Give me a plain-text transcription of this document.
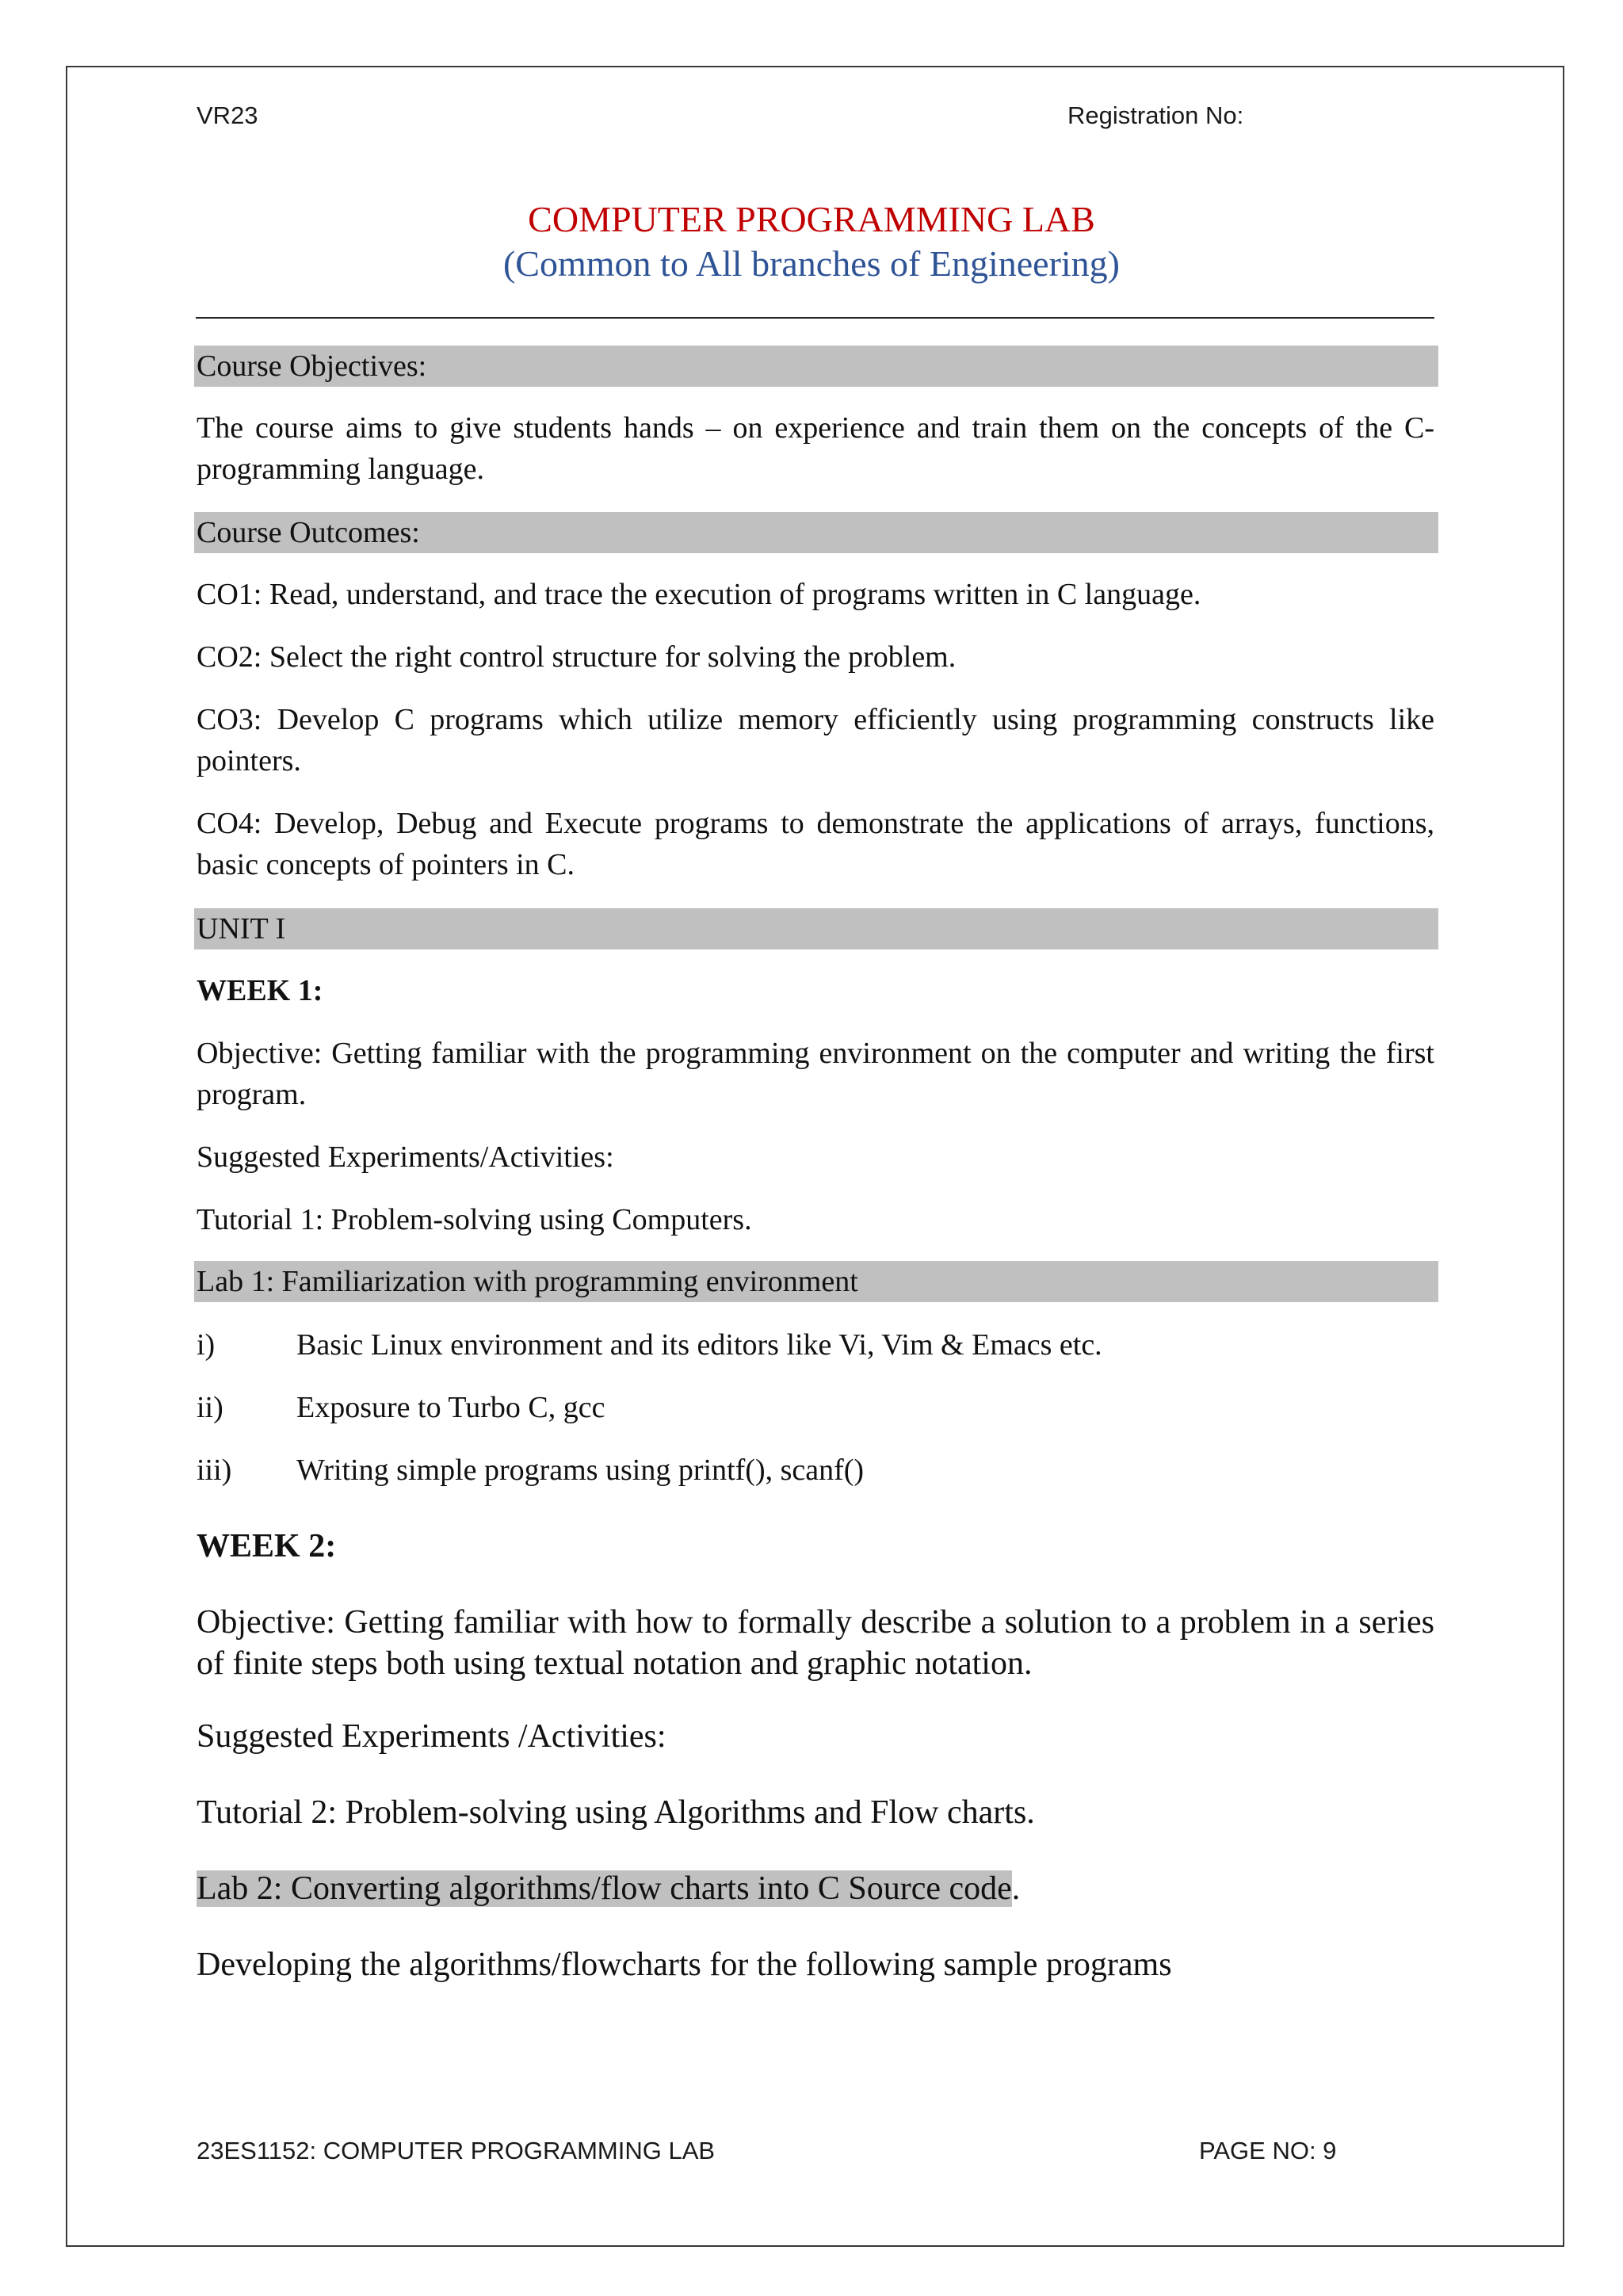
VR23	Registration No:
COMPUTER PROGRAMMING LAB
(Common to All branches of Engineering)
Course Objectives:
The course aims to give students hands – on experience and train them on the concepts of the C- programming language.
Course Outcomes:
CO1: Read, understand, and trace the execution of programs written in C language.
CO2: Select the right control structure for solving the problem.
CO3: Develop C programs which utilize memory efficiently using programming constructs like pointers.
CO4: Develop, Debug and Execute programs to demonstrate the applications of arrays, functions, basic concepts of pointers in C.
UNIT I
WEEK 1:
Objective: Getting familiar with the programming environment on the computer and writing the first program.
Suggested Experiments/Activities:
Tutorial 1: Problem-solving using Computers.
Lab 1: Familiarization with programming environment
i)	Basic Linux environment and its editors like Vi, Vim & Emacs etc.
ii) Exposure to Turbo C, gcc
iii) Writing simple programs using printf(), scanf()
WEEK 2:
Objective: Getting familiar with how to formally describe a solution to a problem in a series of finite steps both using textual notation and graphic notation.
Suggested Experiments /Activities:
Tutorial 2: Problem-solving using Algorithms and Flow charts.
Lab 2: Converting algorithms/flow charts into C Source code.
Developing the algorithms/flowcharts for the following sample programs
23ES1152: COMPUTER PROGRAMMING LAB	PAGE NO: 9
